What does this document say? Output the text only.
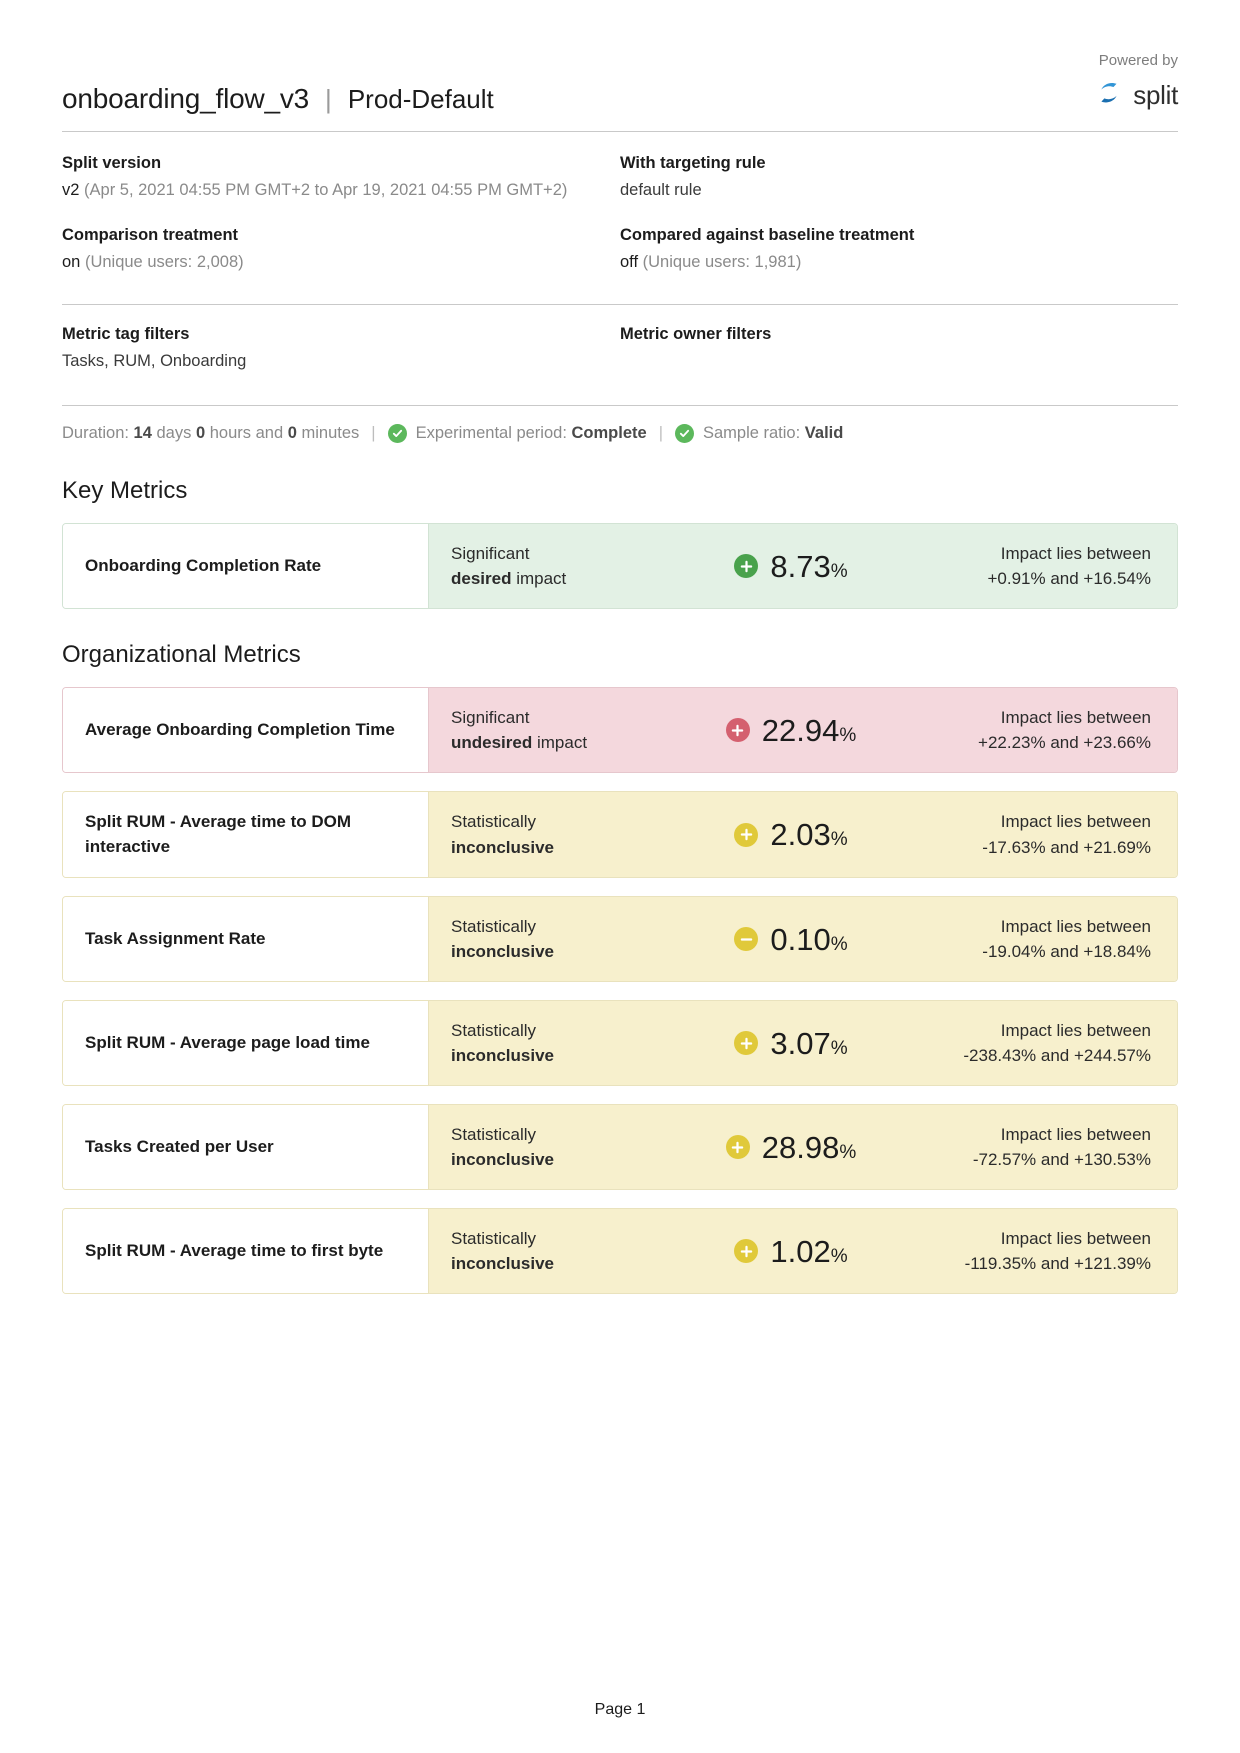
onboarding_flow_v3 | Prod-Default
Powered by
split
Split version
v2 (Apr 5, 2021 04:55 PM GMT+2 to Apr 19, 2021 04:55 PM GMT+2)
With targeting rule
default rule
Comparison treatment
on (Unique users: 2,008)
Compared against baseline treatment
off (Unique users: 1,981)
Metric tag filters
Tasks, RUM, Onboarding
Metric owner filters
Duration:
14
days
0
hours and
0
minutes | Experimental period:
Complete | Sample ratio:
Valid
Key Metrics
Onboarding Completion Rate
Significant
desired impact	8.73%
Impact lies between
+0.91% and +16.54%
Organizational Metrics
Average Onboarding Completion Time
Significant
undesired impact	22.94%
Impact lies between
+22.23% and +23.66%
Split RUM - Average time to DOM interactive
Statistically
inconclusive	2.03%
Impact lies between
-17.63% and +21.69%
Task Assignment Rate
Statistically
inconclusive	0.10%
Impact lies between
-19.04% and +18.84%
Split RUM - Average page load time
Statistically
inconclusive	3.07%
Impact lies between
-238.43% and +244.57%
Tasks Created per User
Statistically
inconclusive	28.98%
Impact lies between
-72.57% and +130.53%
Split RUM - Average time to first byte
Statistically
inconclusive	1.02%
Impact lies between
-119.35% and +121.39%
Page 1
